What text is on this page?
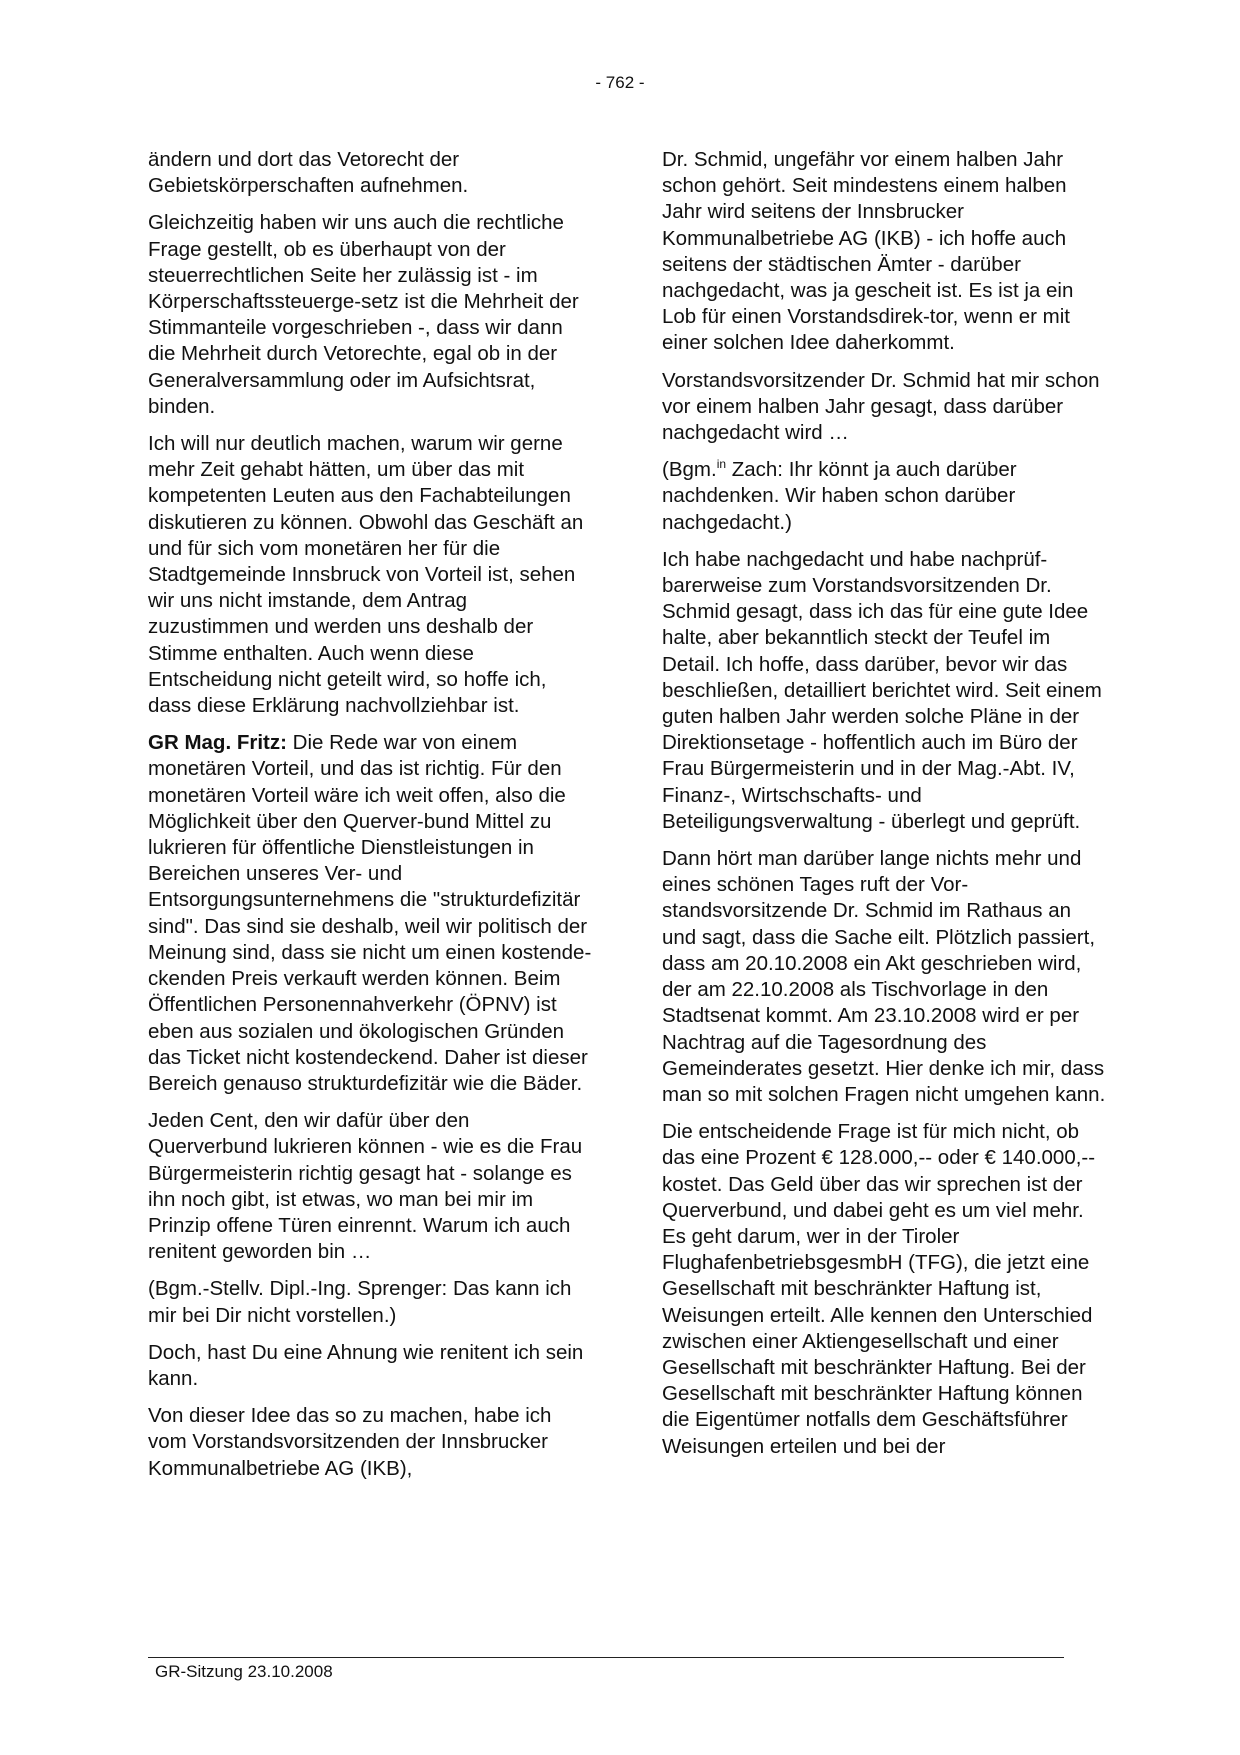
- 762 -

ändern und dort das Vetorecht der Gebietskörperschaften aufnehmen.

Gleichzeitig haben wir uns auch die rechtliche Frage gestellt, ob es überhaupt von der steuerrechtlichen Seite her zulässig ist - im Körperschaftssteuerge-setz ist die Mehrheit der Stimmanteile vorgeschrieben -, dass wir dann die Mehrheit durch Vetorechte, egal ob in der Generalversammlung oder im Aufsichtsrat, binden.

Ich will nur deutlich machen, warum wir gerne mehr Zeit gehabt hätten, um über das mit kompetenten Leuten aus den Fachabteilungen diskutieren zu können. Obwohl das Geschäft an und für sich vom monetären her für die Stadtgemeinde Innsbruck von Vorteil ist, sehen wir uns nicht imstande, dem Antrag zuzustimmen und werden uns deshalb der Stimme enthalten. Auch wenn diese Entscheidung nicht geteilt wird, so hoffe ich, dass diese Erklärung nachvollziehbar ist.

GR Mag. Fritz: Die Rede war von einem monetären Vorteil, und das ist richtig. Für den monetären Vorteil wäre ich weit offen, also die Möglichkeit über den Querver-bund Mittel zu lukrieren für öffentliche Dienstleistungen in Bereichen unseres Ver- und Entsorgungsunternehmens die "strukturdefizitär sind". Das sind sie deshalb, weil wir politisch der Meinung sind, dass sie nicht um einen kostende-ckenden Preis verkauft werden können. Beim Öffentlichen Personennahverkehr (ÖPNV) ist eben aus sozialen und ökologischen Gründen das Ticket nicht kostendeckend. Daher ist dieser Bereich genauso strukturdefizitär wie die Bäder.

Jeden Cent, den wir dafür über den Querverbund lukrieren können - wie es die Frau Bürgermeisterin richtig gesagt hat - solange es ihn noch gibt, ist etwas, wo man bei mir im Prinzip offene Türen einrennt. Warum ich auch renitent geworden bin …

(Bgm.-Stellv. Dipl.-Ing. Sprenger: Das kann ich mir bei Dir nicht vorstellen.)

Doch, hast Du eine Ahnung wie renitent ich sein kann.

Von dieser Idee das so zu machen, habe ich vom Vorstandsvorsitzenden der Innsbrucker Kommunalbetriebe AG (IKB),

Dr. Schmid, ungefähr vor einem halben Jahr schon gehört. Seit mindestens einem halben Jahr wird seitens der Innsbrucker Kommunalbetriebe AG (IKB) - ich hoffe auch seitens der städtischen Ämter - darüber nachgedacht, was ja gescheit ist. Es ist ja ein Lob für einen Vorstandsdirek-tor, wenn er mit einer solchen Idee daherkommt.

Vorstandsvorsitzender Dr. Schmid hat mir schon vor einem halben Jahr gesagt, dass darüber nachgedacht wird …

(Bgm.$^{in}$ Zach: Ihr könnt ja auch darüber nachdenken. Wir haben schon darüber nachgedacht.)

Ich habe nachgedacht und habe nachprüf-barerweise zum Vorstandsvorsitzenden Dr. Schmid gesagt, dass ich das für eine gute Idee halte, aber bekanntlich steckt der Teufel im Detail. Ich hoffe, dass darüber, bevor wir das beschließen, detailliert berichtet wird. Seit einem guten halben Jahr werden solche Pläne in der Direktionsetage - hoffentlich auch im Büro der Frau Bürgermeisterin und in der Mag.-Abt. IV, Finanz-, Wirtschschafts- und Beteiligungsverwaltung - überlegt und geprüft.

Dann hört man darüber lange nichts mehr und eines schönen Tages ruft der Vor-standsvorsitzende Dr. Schmid im Rathaus an und sagt, dass die Sache eilt. Plötzlich passiert, dass am 20.10.2008 ein Akt geschrieben wird, der am 22.10.2008 als Tischvorlage in den Stadtsenat kommt. Am 23.10.2008 wird er per Nachtrag auf die Tagesordnung des Gemeinderates gesetzt. Hier denke ich mir, dass man so mit solchen Fragen nicht umgehen kann.

Die entscheidende Frage ist für mich nicht, ob das eine Prozent € 128.000,-- oder € 140.000,-- kostet. Das Geld über das wir sprechen ist der Querverbund, und dabei geht es um viel mehr. Es geht darum, wer in der Tiroler FlughafenbetriebsgesmbH (TFG), die jetzt eine Gesellschaft mit beschränkter Haftung ist, Weisungen erteilt. Alle kennen den Unterschied zwischen einer Aktiengesellschaft und einer Gesellschaft mit beschränkter Haftung. Bei der Gesellschaft mit beschränkter Haftung können die Eigentümer notfalls dem Geschäftsführer Weisungen erteilen und bei der

GR-Sitzung 23.10.2008
